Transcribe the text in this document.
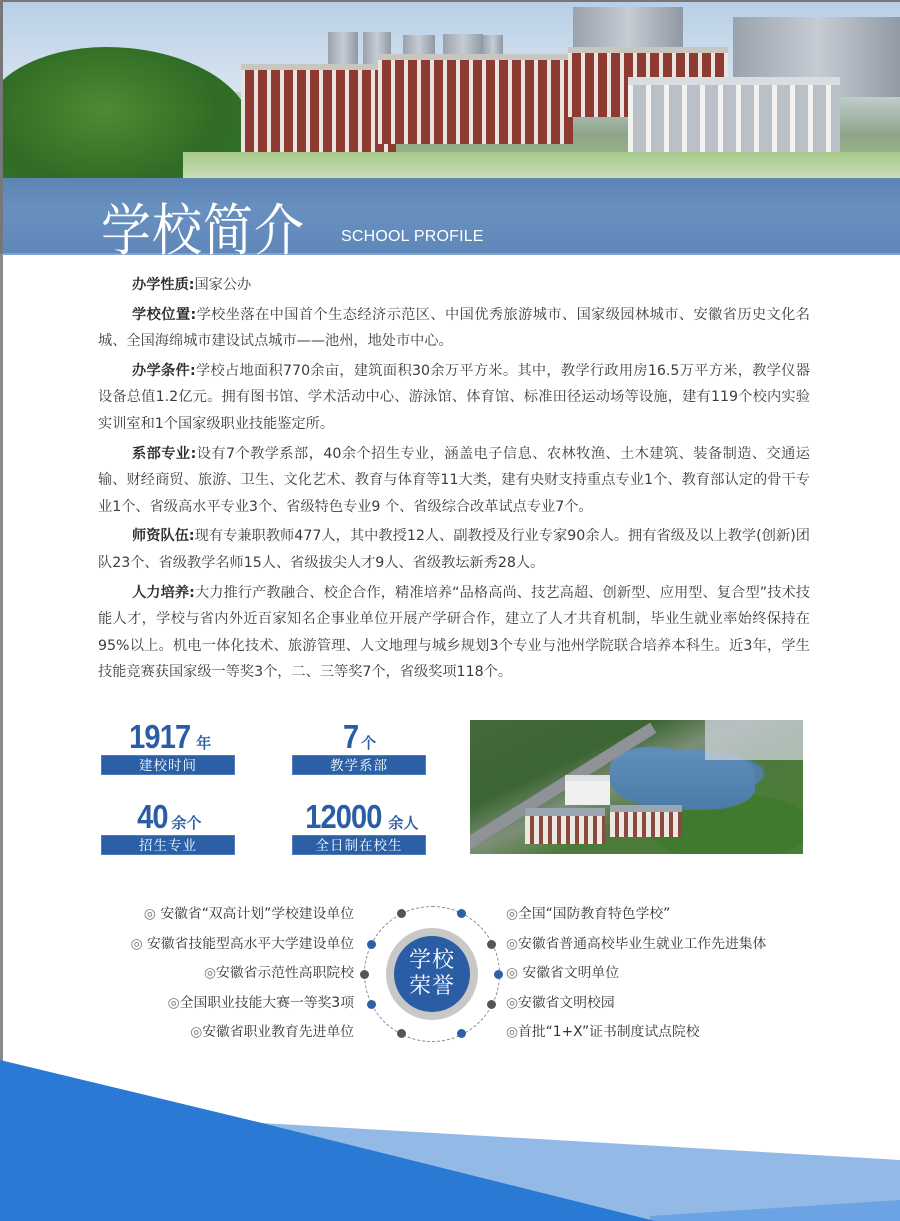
学校简介 SCHOOL PROFILE

办学性质:国家公办

学校位置:学校坐落在中国首个生态经济示范区、中国优秀旅游城市、国家级园林城市、安徽省历史文化名城、全国海绵城市建设试点城市——池州，地处市中心。

办学条件:学校占地面积770余亩，建筑面积30余万平方米。其中，教学行政用房16.5万平方米，教学仪器设备总值1.2亿元。拥有图书馆、学术活动中心、游泳馆、体育馆、标准田径运动场等设施，建有119个校内实验实训室和1个国家级职业技能鉴定所。

系部专业:设有7个教学系部，40余个招生专业，涵盖电子信息、农林牧渔、土木建筑、装备制造、交通运输、财经商贸、旅游、卫生、文化艺术、教育与体育等11大类，建有央财支持重点专业1个、教育部认定的骨干专业1个、省级高水平专业3个、省级特色专业9 个、省级综合改革试点专业7个。

师资队伍:现有专兼职教师477人，其中教授12人、副教授及行业专家90余人。拥有省级及以上教学(创新)团队23个、省级教学名师15人、省级拔尖人才9人、省级教坛新秀28人。

人力培养:大力推行产教融合、校企合作，精准培养“品格高尚、技艺高超、创新型、应用型、复合型”技术技能人才，学校与省内外近百家知名企事业单位开展产学研合作，建立了人才共育机制，毕业生就业率始终保持在95%以上。机电一体化技术、旅游管理、人文地理与城乡规划3个专业与池州学院联合培养本科生。近3年，学生技能竞赛获国家级一等奖3个，二、三等奖7个，省级奖项118个。

1917 年
建校时间
7 个
教学系部
40 余个
招生专业
12000 余人
全日制在校生
◎ 安徽省“双高计划”学校建设单位
◎ 安徽省技能型高水平大学建设单位
◎安徽省示范性高职院校
◎全国职业技能大赛一等奖3项
◎安徽省职业教育先进单位
学校
荣誉
◎全国“国防教育特色学校”
◎安徽省普通高校毕业生就业工作先进集体
◎ 安徽省文明单位
◎安徽省文明校园
◎首批“1+X”证书制度试点院校
